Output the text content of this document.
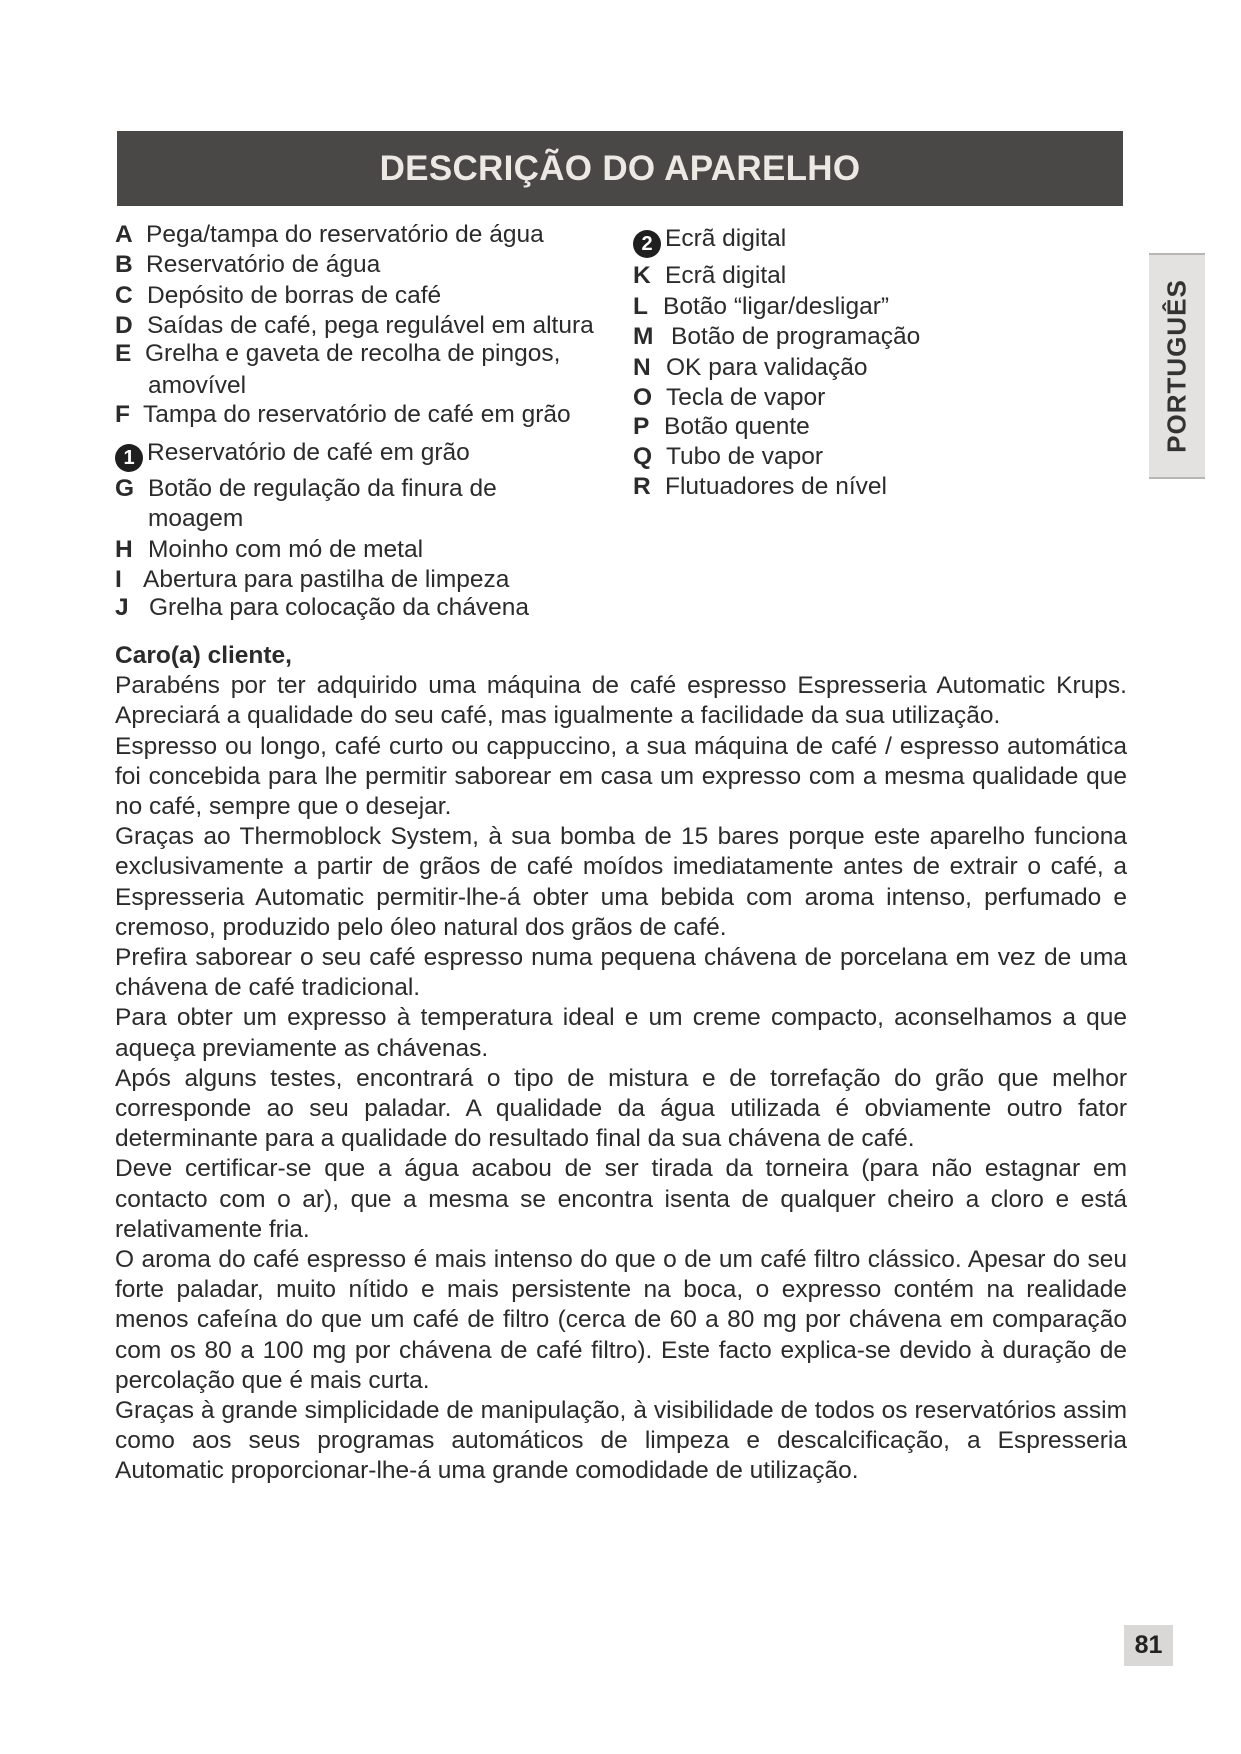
DESCRIÇÃO DO APARELHO
PORTUGUÊS
A Pega/tampa do reservatório de água
B Reservatório de água
C Depósito de borras de café
D Saídas de café, pega regulável em altura
E Grelha e gaveta de recolha de pingos,
amovível
F Tampa do reservatório de café em grão
1 Reservatório de café em grão
G Botão de regulação da finura de
moagem
H Moinho com mó de metal
I Abertura para pastilha de limpeza
J Grelha para colocação da chávena
2 Ecrã digital
K Ecrã digital
L Botão “ligar/desligar”
M Botão de programação
N OK para validação
O Tecla de vapor
P Botão quente
Q Tubo de vapor
R Flutuadores de nível

Caro(a) cliente,

Parabéns por ter adquirido uma máquina de café espresso Espresseria Automatic Krups. Apreciará a qualidade do seu café, mas igualmente a facilidade da sua utilização.

Espresso ou longo, café curto ou cappuccino, a sua máquina de café / espresso automática foi concebida para lhe permitir saborear em casa um expresso com a mesma qualidade que no café, sempre que o desejar.

Graças ao Thermoblock System, à sua bomba de 15 bares porque este aparelho funciona exclusivamente a partir de grãos de café moídos imediatamente antes de extrair o café, a Espresseria Automatic permitir-lhe-á obter uma bebida com aroma intenso, perfumado e cremoso, produzido pelo óleo natural dos grãos de café.

Prefira saborear o seu café espresso numa pequena chávena de porcelana em vez de uma chávena de café tradicional.

Para obter um expresso à temperatura ideal e um creme compacto, aconselhamos a que aqueça previamente as chávenas.

Após alguns testes, encontrará o tipo de mistura e de torrefação do grão que melhor corresponde ao seu paladar. A qualidade da água utilizada é obviamente outro fator determinante para a qualidade do resultado final da sua chávena de café.

Deve certificar-se que a água acabou de ser tirada da torneira (para não estagnar em contacto com o ar), que a mesma se encontra isenta de qualquer cheiro a cloro e está relativamente fria.

O aroma do café espresso é mais intenso do que o de um café filtro clássico. Apesar do seu forte paladar, muito nítido e mais persistente na boca, o expresso contém na realidade menos cafeína do que um café de filtro (cerca de 60 a 80 mg por chávena em comparação com os 80 a 100 mg por chávena de café filtro). Este facto explica-se devido à duração de percolação que é mais curta.

Graças à grande simplicidade de manipulação, à visibilidade de todos os reservatórios assim como aos seus programas automáticos de limpeza e descalcificação, a Espresseria Automatic proporcionar-lhe-á uma grande comodidade de utilização.

81
